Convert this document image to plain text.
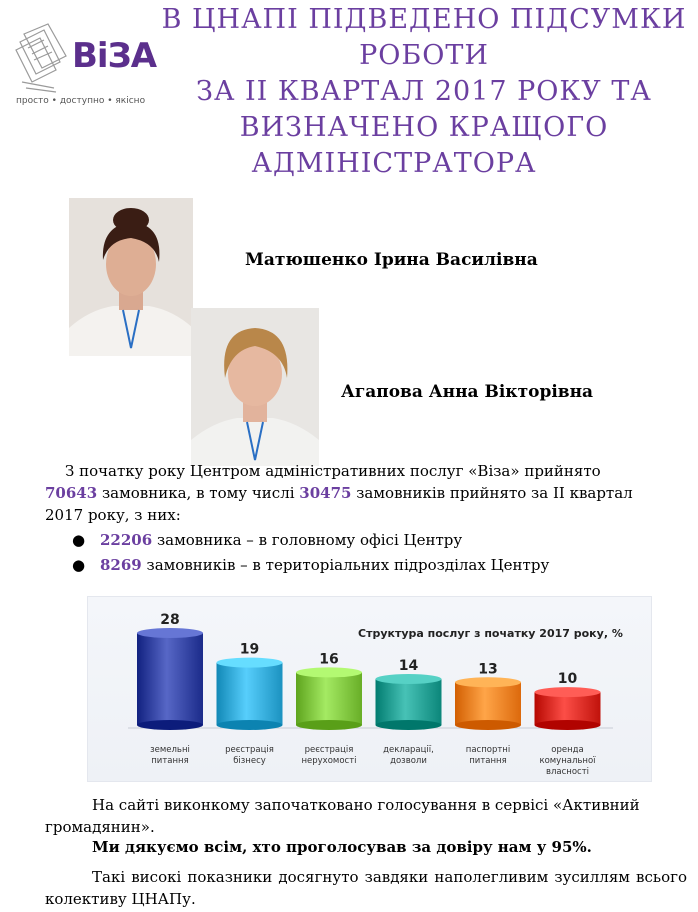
ВіЗА
просто • доступно • якісно
В ЦНАПІ ПІДВЕДЕНО ПІДСУМКИ
РОБОТИ
ЗА ІІ КВАРТАЛ 2017 РОКУ ТА
ВИЗНАЧЕНО КРАЩОГО
АДМІНІСТРАТОРА
Матюшенко Ірина Василівна
Агапова Анна Вікторівна
З початку року Центром адміністративних послуг «Віза» прийнято 70643 замовника, в тому числі 30475 замовників прийнято за ІІ квартал 2017 року, з них:
● 22206 замовника – в головному офісі Центру
● 8269 замовників – в територіальних підрозділах Центру
Структура послуг з початку 2017 року, %
28
земельні
питання
19
реєстрація
бізнесу
16
реєстрація
нерухомості
14
декларації,
дозволи
13
паспортні
питання
10
оренда
комунальної
власності
На сайті виконкому започатковано голосування в сервісі «Активний громадянин».
Ми дякуємо всім, хто проголосував за довіру нам у 95%.
Такі високі показники досягнуто завдяки наполегливим зусиллям всього колективу ЦНАПу.
